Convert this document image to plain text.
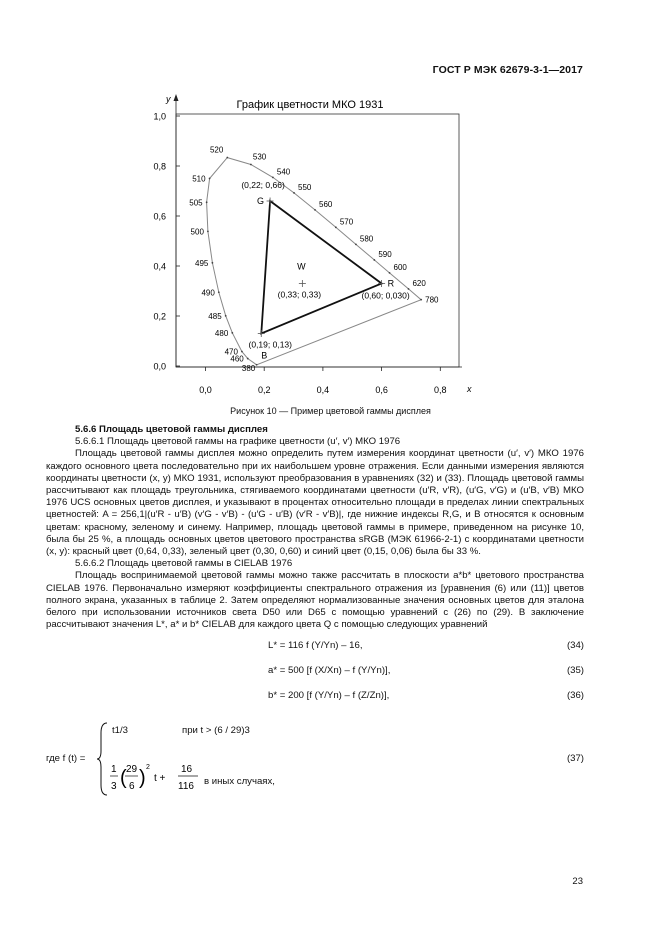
ГОСТ Р МЭК 62679-3-1—2017
График цветности МКО 1931
y
x
0,0
0,2
0,4
0,6
0,8
1,0
0,0	0,2	0,4	0,6	0,8
380
460
470
480
485
490
495
500
505
510
520
530
540
550
560
570
580
590
600
620
780
R
(0,60; 0,030)
G
(0,22; 0,66)
B
(0,19; 0,13)
W
(0,33; 0,33)
Рисунок 10 — Пример цветовой гаммы дисплея

5.6.6 Площадь цветовой гаммы дисплея

5.6.6.1 Площадь цветовой гаммы на графике цветности (u′, v′) МКО 1976

Площадь цветовой гаммы дисплея можно определить путем измерения координат цветности (u′, v′) МКО 1976 каждого основного цвета последовательно при их наибольшем уровне отражения. Если данными измерения являются координаты цветности (x, y) МКО 1931, используют преобразования в уравнениях (32) и (33). Площадь цветовой гаммы рассчитывают как площадь треугольника, стягиваемого координатами цветности (u′R, v′R), (u′G, v′G) и (u′B, v′B) МКО 1976 UCS основных цветов дисплея, и указывают в процентах относительно площади в пределах линии спектральных цветностей: A = 256,1|(u′R - u′B) (v′G - v′B) - (u′G - u′B) (v′R - v′B)|, где нижние индексы R,G, и B относятся к основным цветам: красному, зеленому и синему. Например, площадь цветовой гаммы в примере, приведенном на рисунке 10, была бы 25 %, а площадь основных цветов цветового пространства sRGB (МЭК 61966-2-1) с координатами цветности (x, y): красный цвет (0,64, 0,33), зеленый цвет (0,30, 0,60) и синий цвет (0,15, 0,06) была бы 33 %.

5.6.6.2 Площадь цветовой гаммы в CIELAB 1976

Площадь воспринимаемой цветовой гаммы можно также рассчитать в плоскости a*b* цветового пространства CIELAB 1976. Первоначально измеряют коэффициенты спектрального отражения из [уравнения (6) или (11)] цветов полного экрана, указанных в таблице 2. Затем определяют нормализованные значения основных цветов для эталона белого при использовании источников света D50 или D65 с помощью уравнений с (26) по (29). В заключение рассчитывают значения L*, a* и b* CIELAB для каждого цвета Q с помощью следующих уравнений

L* = 116 f (Y/Yn) – 16,	(34)
a* = 500 [f (X/Xn) – f (Y/Yn)],	(35)
b* = 200 [f (Y/Yn) – f (Z/Zn)],	(36)
где f (t) =
t1/3	при t > (6 / 29)3
1
3 ( 29
6 ) 2
t +
16
116 в иных случаях,
(37)
23
